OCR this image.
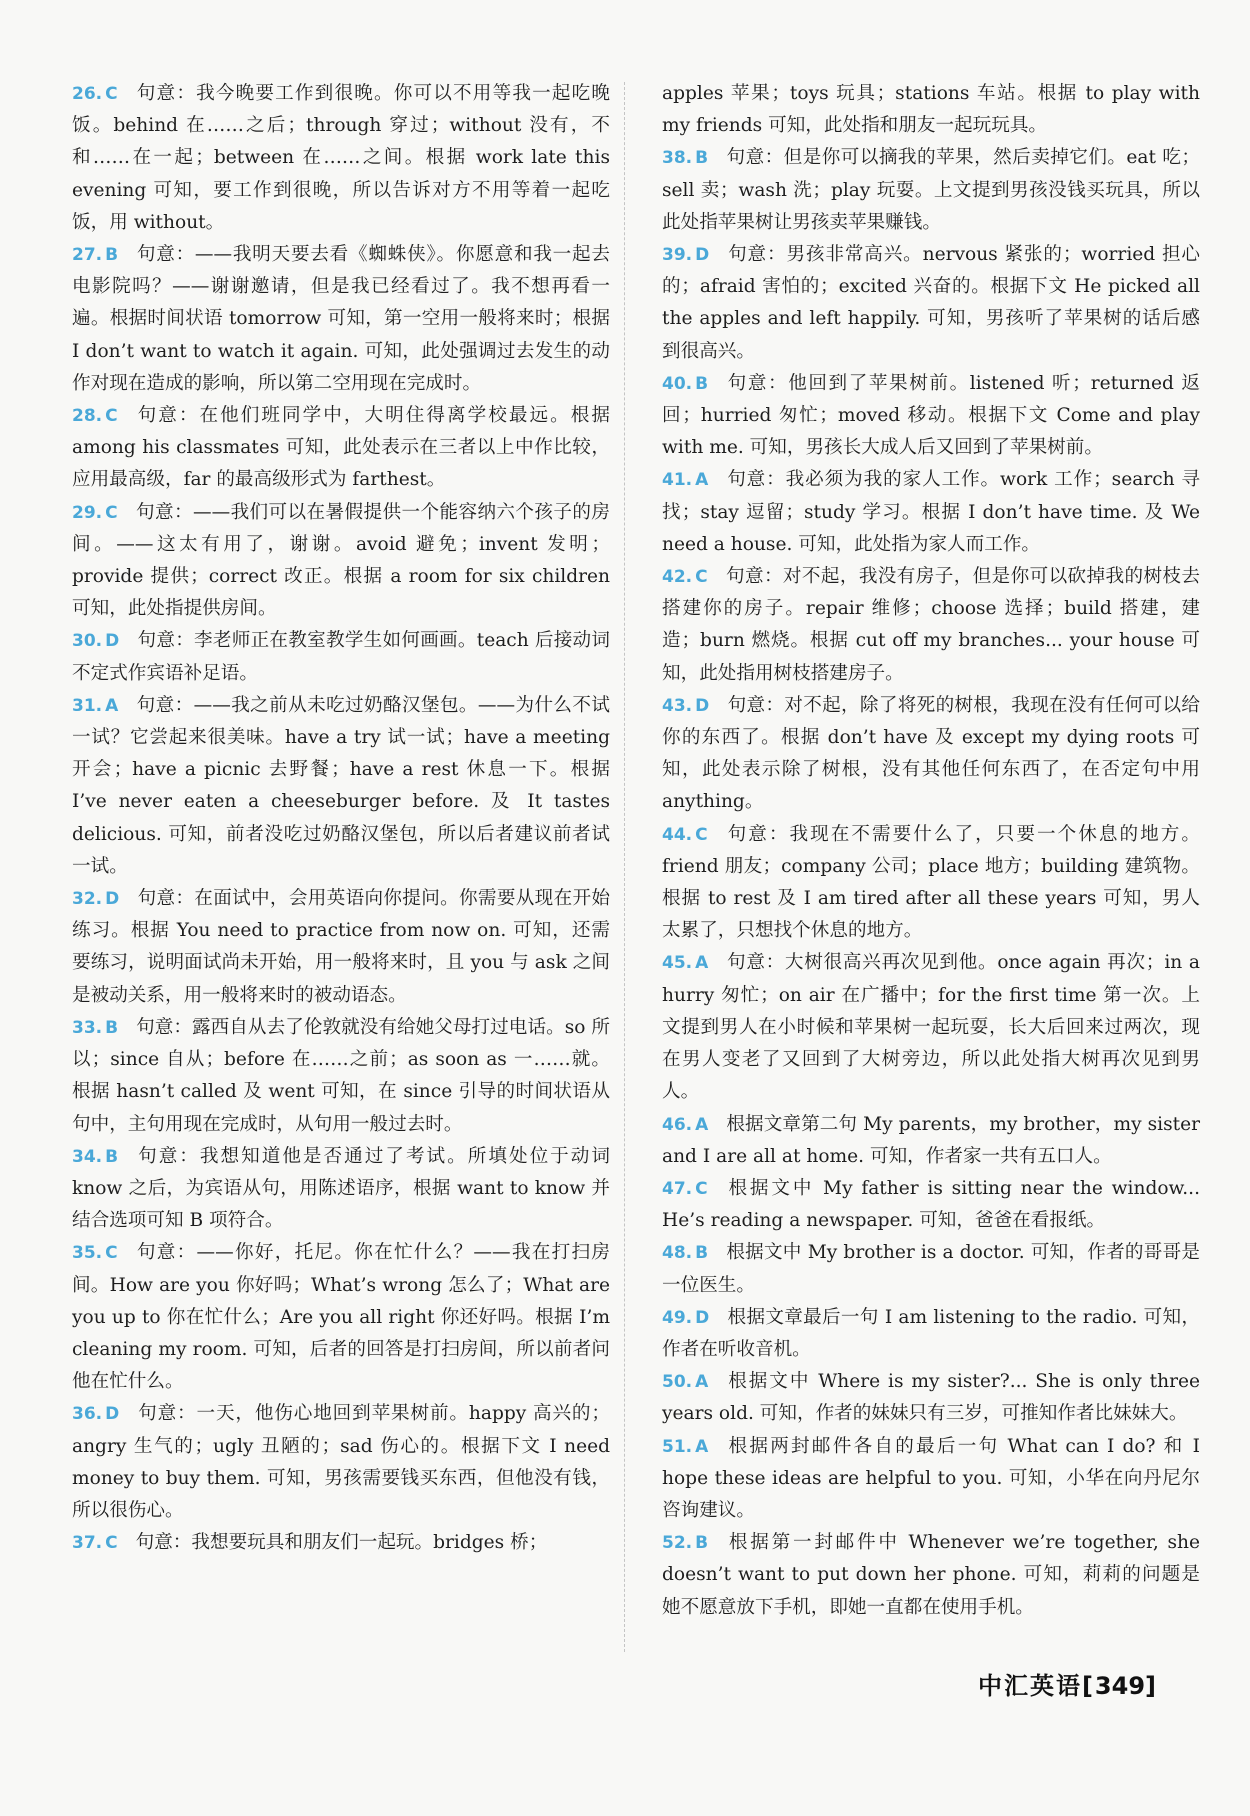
26. C 句意：我今晚要工作到很晚。你可以不用等我一起吃晚饭。behind 在……之后；through 穿过；without 没有，不和……在一起；between 在……之间。根据 work late this evening 可知，要工作到很晚，所以告诉对方不用等着一起吃饭，用 without。

27. B 句意：——我明天要去看《蜘蛛侠》。你愿意和我一起去电影院吗？——谢谢邀请，但是我已经看过了。我不想再看一遍。根据时间状语 tomorrow 可知，第一空用一般将来时；根据 I don’t want to watch it again. 可知，此处强调过去发生的动作对现在造成的影响，所以第二空用现在完成时。

28. C 句意：在他们班同学中，大明住得离学校最远。根据 among his classmates 可知，此处表示在三者以上中作比较，应用最高级，far 的最高级形式为 farthest。

29. C 句意：——我们可以在暑假提供一个能容纳六个孩子的房间。——这太有用了，谢谢。avoid 避免；invent 发明；provide 提供；correct 改正。根据 a room for six children 可知，此处指提供房间。

30. D 句意：李老师正在教室教学生如何画画。teach 后接动词不定式作宾语补足语。

31. A 句意：——我之前从未吃过奶酪汉堡包。——为什么不试一试？它尝起来很美味。have a try 试一试；have a meeting 开会；have a picnic 去野餐；have a rest 休息一下。根据 I’ve never eaten a cheeseburger before. 及 It tastes delicious. 可知，前者没吃过奶酪汉堡包，所以后者建议前者试一试。

32. D 句意：在面试中，会用英语向你提问。你需要从现在开始练习。根据 You need to practice from now on. 可知，还需要练习，说明面试尚未开始，用一般将来时，且 you 与 ask 之间是被动关系，用一般将来时的被动语态。

33. B 句意：露西自从去了伦敦就没有给她父母打过电话。so 所以；since 自从；before 在……之前；as soon as 一……就。根据 hasn’t called 及 went 可知，在 since 引导的时间状语从句中，主句用现在完成时，从句用一般过去时。

34. B 句意：我想知道他是否通过了考试。所填处位于动词 know 之后，为宾语从句，用陈述语序，根据 want to know 并结合选项可知 B 项符合。

35. C 句意：——你好，托尼。你在忙什么？——我在打扫房间。How are you 你好吗；What’s wrong 怎么了；What are you up to 你在忙什么；Are you all right 你还好吗。根据 I’m cleaning my room. 可知，后者的回答是打扫房间，所以前者问他在忙什么。

36. D 句意：一天，他伤心地回到苹果树前。happy 高兴的；angry 生气的；ugly 丑陋的；sad 伤心的。根据下文 I need money to buy them. 可知，男孩需要钱买东西，但他没有钱，所以很伤心。

37. C 句意：我想要玩具和朋友们一起玩。bridges 桥；

apples 苹果；toys 玩具；stations 车站。根据 to play with my friends 可知，此处指和朋友一起玩玩具。

38. B 句意：但是你可以摘我的苹果，然后卖掉它们。eat 吃；sell 卖；wash 洗；play 玩耍。上文提到男孩没钱买玩具，所以此处指苹果树让男孩卖苹果赚钱。

39. D 句意：男孩非常高兴。nervous 紧张的；worried 担心的；afraid 害怕的；excited 兴奋的。根据下文 He picked all the apples and left happily. 可知，男孩听了苹果树的话后感到很高兴。

40. B 句意：他回到了苹果树前。listened 听；returned 返回；hurried 匆忙；moved 移动。根据下文 Come and play with me. 可知，男孩长大成人后又回到了苹果树前。

41. A 句意：我必须为我的家人工作。work 工作；search 寻找；stay 逗留；study 学习。根据 I don’t have time. 及 We need a house. 可知，此处指为家人而工作。

42. C 句意：对不起，我没有房子，但是你可以砍掉我的树枝去搭建你的房子。repair 维修；choose 选择；build 搭建，建造；burn 燃烧。根据 cut off my branches... your house 可知，此处指用树枝搭建房子。

43. D 句意：对不起，除了将死的树根，我现在没有任何可以给你的东西了。根据 don’t have 及 except my dying roots 可知，此处表示除了树根，没有其他任何东西了，在否定句中用 anything。

44. C 句意：我现在不需要什么了，只要一个休息的地方。friend 朋友；company 公司；place 地方；building 建筑物。根据 to rest 及 I am tired after all these years 可知，男人太累了，只想找个休息的地方。

45. A 句意：大树很高兴再次见到他。once again 再次；in a hurry 匆忙；on air 在广播中；for the first time 第一次。上文提到男人在小时候和苹果树一起玩耍，长大后回来过两次，现在男人变老了又回到了大树旁边，所以此处指大树再次见到男人。

46. A 根据文章第二句 My parents，my brother，my sister and I are all at home. 可知，作者家一共有五口人。

47. C 根据文中 My father is sitting near the window... He’s reading a newspaper. 可知，爸爸在看报纸。

48. B 根据文中 My brother is a doctor. 可知，作者的哥哥是一位医生。

49. D 根据文章最后一句 I am listening to the radio. 可知，作者在听收音机。

50. A 根据文中 Where is my sister?... She is only three years old. 可知，作者的妹妹只有三岁，可推知作者比妹妹大。

51. A 根据两封邮件各自的最后一句 What can I do? 和 I hope these ideas are helpful to you. 可知，小华在向丹尼尔咨询建议。

52. B 根据第一封邮件中 Whenever we’re together, she doesn’t want to put down her phone. 可知，莉莉的问题是她不愿意放下手机，即她一直都在使用手机。

中汇英语[349]
